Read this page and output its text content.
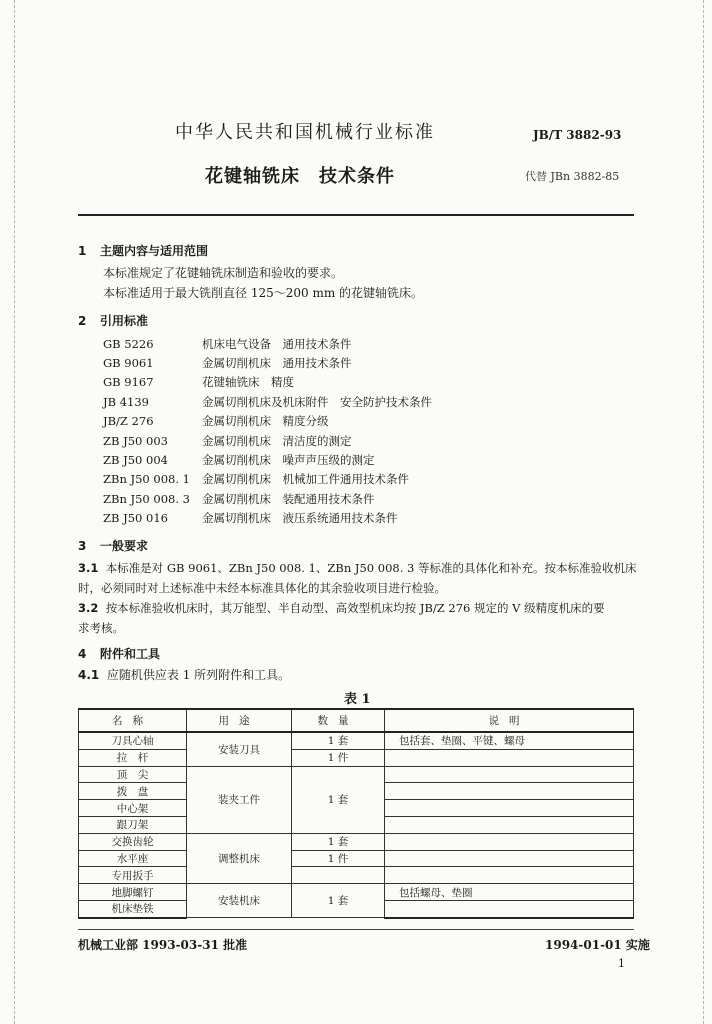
中华人民共和国机械行业标准	JB/T 3882-93
花键轴铣床　技术条件	代替 JBn 3882-85
1 主题内容与适用范围
本标准规定了花键轴铣床制造和验收的要求。
本标准适用于最大铣削直径 125～200 mm 的花键轴铣床。
2 引用标准
GB 5226	机床电气设备　通用技术条件
GB 9061	金属切削机床　通用技术条件
GB 9167	花键轴铣床　精度
JB 4139	金属切削机床及机床附件　安全防护技术条件
JB/Z 276	金属切削机床　精度分级
ZB J50 003	金属切削机床　清洁度的测定
ZB J50 004	金属切削机床　噪声声压级的测定
ZBn J50 008. 1	金属切削机床　机械加工件通用技术条件
ZBn J50 008. 3	金属切削机床　装配通用技术条件
ZB J50 016	金属切削机床　液压系统通用技术条件
3 一般要求
3.1 本标准是对 GB 9061、ZBn J50 008. 1、ZBn J50 008. 3 等标准的具体化和补充。按本标准验收机床
时，必须同时对上述标准中未经本标准具体化的其余验收项目进行检验。
3.2 按本标准验收机床时，其万能型、半自动型、高效型机床均按 JB/Z 276 规定的 V 级精度机床的要
求考核。
4 附件和工具
4.1 应随机供应表 1 所列附件和工具。
表 1
名称	用途	数量	说明
刀具心轴	安装刀具	1 套	包括套、垫圈、平键、螺母
拉　杆		1 件	
顶　尖	装夹工件	1 套	
拨　盘			
中心架			
跟刀架			
交换齿轮	调整机床	1 套	
水平座		1 件	
专用扳手			
地脚螺钉	安装机床	1 套	包括螺母、垫圈
机床垫铁			
机械工业部 1993-03-31 批准	1994-01-01 实施
1
